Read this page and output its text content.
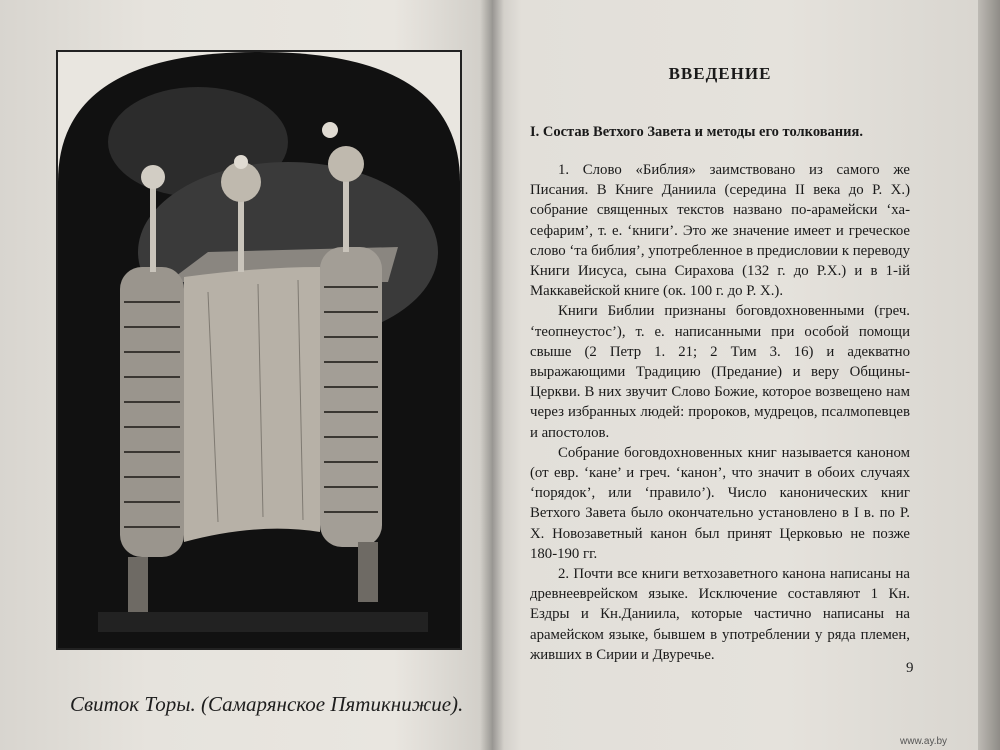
Свиток Торы. (Самарянское Пятикнижие).
ВВЕДЕНИЕ
I. Состав Ветхого Завета и методы его толкования.

1. Слово «Библия» заимствовано из самого же Писания. В Книге Даниила (середина II века до Р. Х.) собрание священных текстов названо по-арамейски ‘ха-сефарим’, т. е. ‘книги’. Это же значение имеет и греческое слово ‘та библия’, употребленное в предисловии к переводу Книги Иисуса, сына Сирахова (132 г. до Р.Х.) и в 1-ій Маккавейской книге (ок. 100 г. до Р. Х.).

Книги Библии признаны боговдохновенными (греч. ‘теопнеустос’), т. е. написанными при особой помощи свыше (2 Петр 1. 21; 2 Тим 3. 16) и адекватно выражающими Традицию (Предание) и веру Общины-Церкви. В них звучит Слово Божие, которое возвещено нам через избранных людей: пророков, мудрецов, псалмопевцев и апостолов.

Собрание боговдохновенных книг называется каноном (от евр. ‘кане’ и греч. ‘канон’, что значит в обоих случаях ‘порядок’, или ‘правило’). Число канонических книг Ветхого Завета было окончательно установлено в I в. по Р. Х. Новозаветный канон был принят Церковью не позже 180-190 гг.

2. Почти все книги ветхозаветного канона написаны на древнееврейском языке. Исключение составляют 1 Кн. Ездры и Кн.Даниила, которые частично написаны на арамейском языке, бывшем в употреблении у ряда племен, живших в Сирии и Двуречье.

9
www.ay.by
